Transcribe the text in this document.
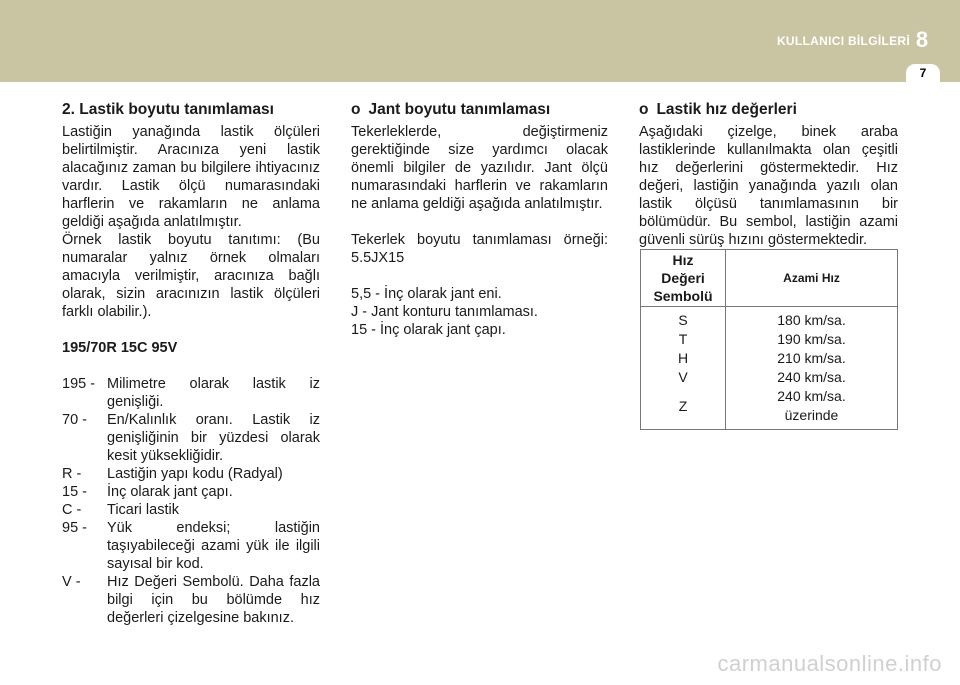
KULLANICI BİLGİLERİ 8
7
2. Lastik boyutu tanımlaması

Lastiğin yanağında lastik ölçüleri belirtilmiştir. Aracınıza yeni lastik alacağınız zaman bu bilgilere ihtiyacınız vardır. Lastik ölçü numarasındaki harflerin ve rakamların ne anlama geldiği aşağıda anlatılmıştır.

Örnek lastik boyutu tanıtımı: (Bu numaralar yalnız örnek olmaları amacıyla verilmiştir, aracınıza bağlı olarak, sizin aracınızın lastik ölçüleri farklı olabilir.).

195/70R 15C 95V

195 - Milimetre olarak lastik iz genişliği.
70 -	En/Kalınlık oranı. Lastik iz genişliğinin bir yüzdesi olarak kesit yüksekliğidir.
R -	Lastiğin yapı kodu (Radyal)
15 -	İnç olarak jant çapı.
C -	Ticari lastik
95 -	Yük endeksi; lastiğin taşıyabileceği azami yük ile ilgili sayısal bir kod.
V -	Hız Değeri Sembolü. Daha fazla bilgi için bu bölümde hız değerleri çizelgesine bakınız.
o Jant boyutu tanımlaması

Tekerleklerde, değiştirmeniz gerektiğinde size yardımcı olacak önemli bilgiler de yazılıdır. Jant ölçü numarasındaki harflerin ve rakamların ne anlama geldiği aşağıda anlatılmıştır.

Tekerlek boyutu tanımlaması örneği: 5.5JX15

5,5 - İnç olarak jant eni.

J - Jant konturu tanımlaması.

15 - İnç olarak jant çapı.

o Lastik hız değerleri

Aşağıdaki çizelge, binek araba lastiklerinde kullanılmakta olan çeşitli hız değerlerini göstermektedir. Hız değeri, lastiğin yanağında yazılı olan lastik ölçüsü tanımlamasının bir bölümüdür. Bu sembol, lastiğin azami güvenli sürüş hızını göstermektedir.

Hız
Değeri
Sembolü	Azami Hız

S	180 km/sa.
T	190 km/sa.
H	210 km/sa.
V	240 km/sa.
Z	240 km/sa.
üzerinde
carmanualsonline.info
